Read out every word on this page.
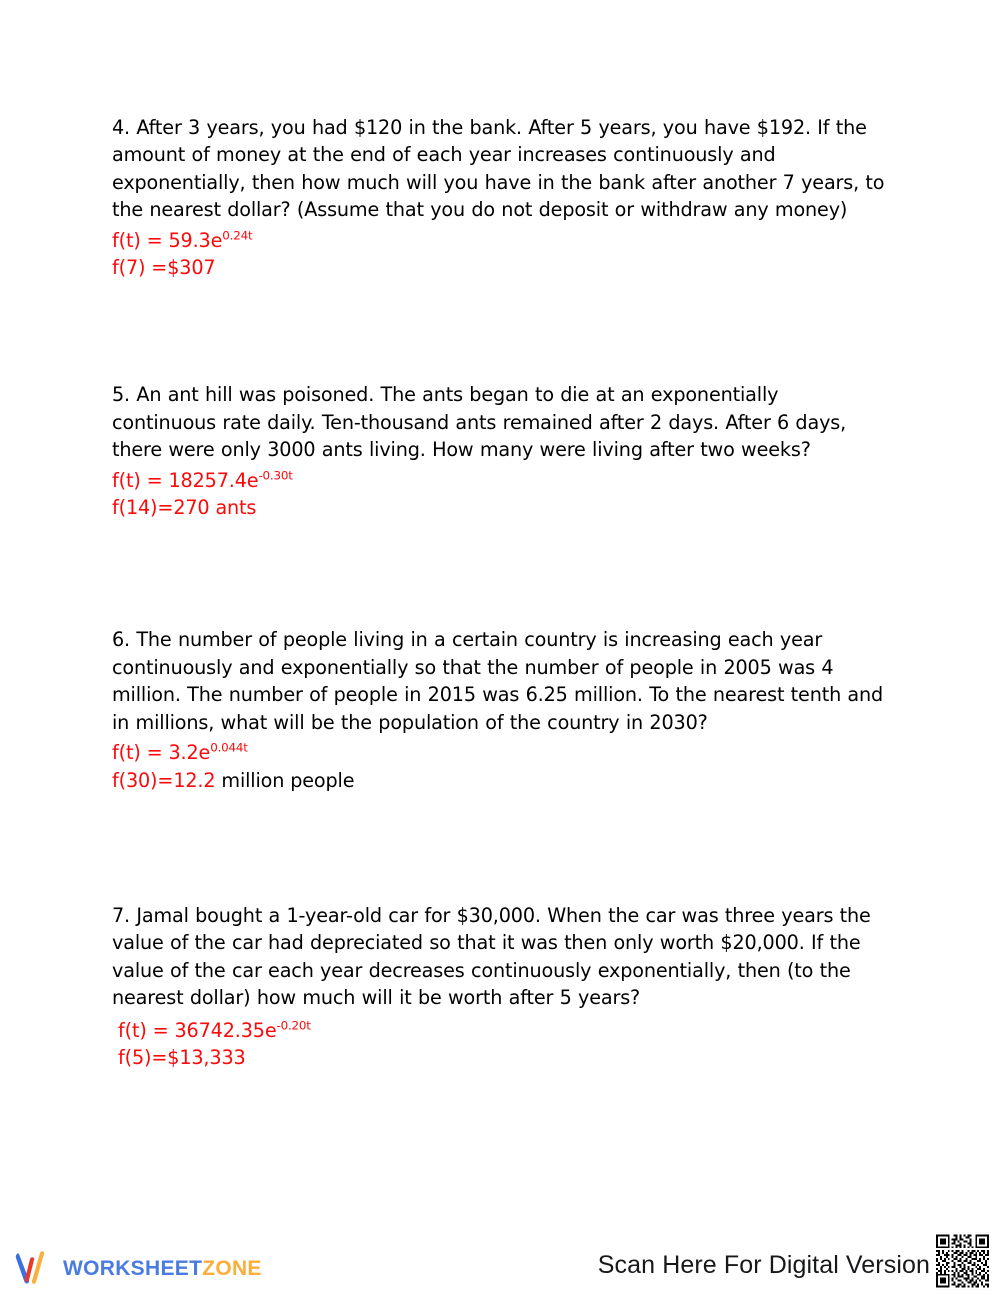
4. After 3 years, you had $120 in the bank. After 5 years, you have $192. If the amount of money at the end of each year increases continuously and exponentially, then how much will you have in the bank after another 7 years, to the nearest dollar? (Assume that you do not deposit or withdraw any money)

$f(t) = 59.3e^{0.24t}$

f(7) =$307

5. An ant hill was poisoned. The ants began to die at an exponentially continuous rate daily. Ten-thousand ants remained after 2 days. After 6 days, there were only 3000 ants living. How many were living after two weeks?

$f(t) = 18257.4e^{-0.30t}$

f(14)=270 ants

6. The number of people living in a certain country is increasing each year continuously and exponentially so that the number of people in 2005 was 4 million. The number of people in 2015 was 6.25 million. To the nearest tenth and in millions, what will be the population of the country in 2030?

$f(t) = 3.2e^{0.044t}$

f(30)=12.2 million people

7. Jamal bought a 1-year-old car for $30,000. When the car was three years the value of the car had depreciated so that it was then only worth $20,000. If the value of the car each year decreases continuously exponentially, then (to the nearest dollar) how much will it be worth after 5 years?

$f(t) = 36742.35e^{-0.20t}$

f(5)=$13,333

WORKSHEETZONE	Scan Here For Digital Version
